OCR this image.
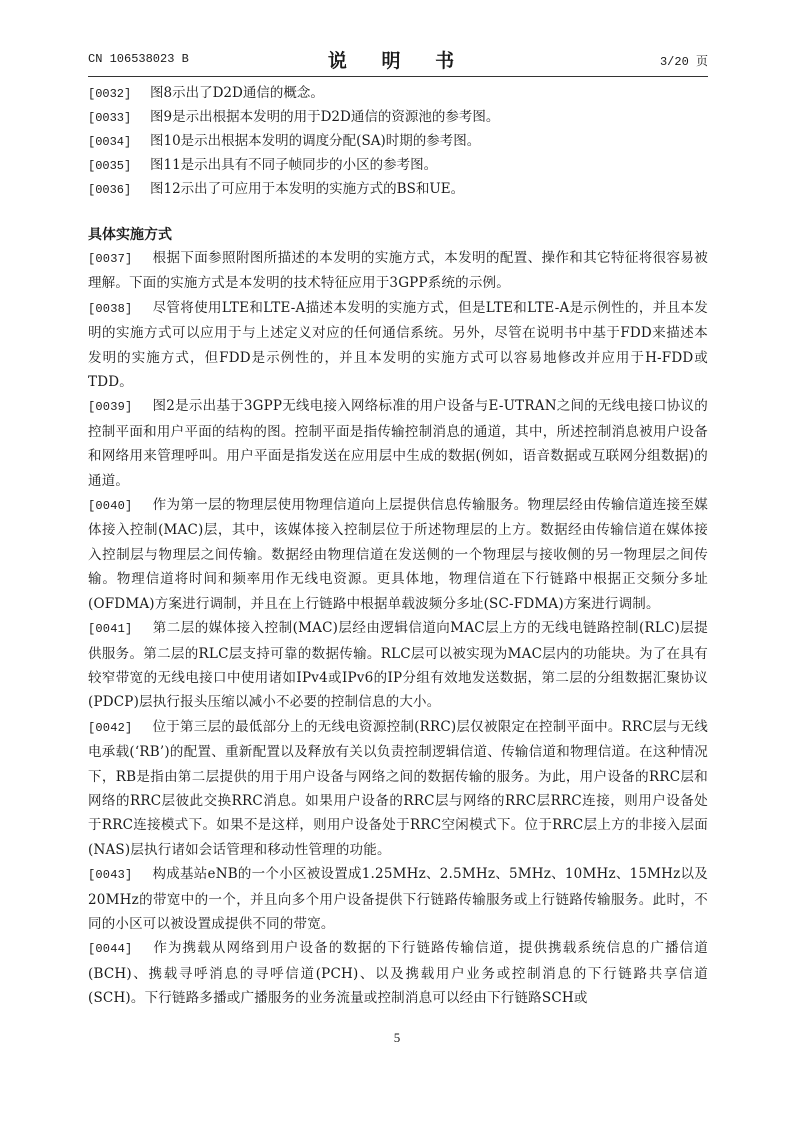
CN 106538023 B	说 明 书	3/20 页
[0032] 图8示出了D2D通信的概念。
[0033] 图9是示出根据本发明的用于D2D通信的资源池的参考图。
[0034] 图10是示出根据本发明的调度分配(SA)时期的参考图。
[0035] 图11是示出具有不同子帧同步的小区的参考图。
[0036] 图12示出了可应用于本发明的实施方式的BS和UE。
具体实施方式
[0037] 根据下面参照附图所描述的本发明的实施方式，本发明的配置、操作和其它特征将很容易被理解。下面的实施方式是本发明的技术特征应用于3GPP系统的示例。
[0038] 尽管将使用LTE和LTE-A描述本发明的实施方式，但是LTE和LTE-A是示例性的，并且本发明的实施方式可以应用于与上述定义对应的任何通信系统。另外，尽管在说明书中基于FDD来描述本发明的实施方式，但FDD是示例性的，并且本发明的实施方式可以容易地修改并应用于H-FDD或TDD。
[0039] 图2是示出基于3GPP无线电接入网络标准的用户设备与E-UTRAN之间的无线电接口协议的控制平面和用户平面的结构的图。控制平面是指传输控制消息的通道，其中，所述控制消息被用户设备和网络用来管理呼叫。用户平面是指发送在应用层中生成的数据(例如，语音数据或互联网分组数据)的通道。
[0040] 作为第一层的物理层使用物理信道向上层提供信息传输服务。物理层经由传输信道连接至媒体接入控制(MAC)层，其中，该媒体接入控制层位于所述物理层的上方。数据经由传输信道在媒体接入控制层与物理层之间传输。数据经由物理信道在发送侧的一个物理层与接收侧的另一物理层之间传输。物理信道将时间和频率用作无线电资源。更具体地，物理信道在下行链路中根据正交频分多址(OFDMA)方案进行调制，并且在上行链路中根据单载波频分多址(SC-FDMA)方案进行调制。
[0041] 第二层的媒体接入控制(MAC)层经由逻辑信道向MAC层上方的无线电链路控制(RLC)层提供服务。第二层的RLC层支持可靠的数据传输。RLC层可以被实现为MAC层内的功能块。为了在具有较窄带宽的无线电接口中使用诸如IPv4或IPv6的IP分组有效地发送数据，第二层的分组数据汇聚协议(PDCP)层执行报头压缩以减小不必要的控制信息的大小。
[0042] 位于第三层的最低部分上的无线电资源控制(RRC)层仅被限定在控制平面中。RRC层与无线电承载(‘RB’)的配置、重新配置以及释放有关以负责控制逻辑信道、传输信道和物理信道。在这种情况下，RB是指由第二层提供的用于用户设备与网络之间的数据传输的服务。为此，用户设备的RRC层和网络的RRC层彼此交换RRC消息。如果用户设备的RRC层与网络的RRC层RRC连接，则用户设备处于RRC连接模式下。如果不是这样，则用户设备处于RRC空闲模式下。位于RRC层上方的非接入层面(NAS)层执行诸如会话管理和移动性管理的功能。
[0043] 构成基站eNB的一个小区被设置成1.25MHz、2.5MHz、5MHz、10MHz、15MHz以及20MHz的带宽中的一个，并且向多个用户设备提供下行链路传输服务或上行链路传输服务。此时，不同的小区可以被设置成提供不同的带宽。
[0044] 作为携载从网络到用户设备的数据的下行链路传输信道，提供携载系统信息的广播信道(BCH)、携载寻呼消息的寻呼信道(PCH)、以及携载用户业务或控制消息的下行链路共享信道(SCH)。下行链路多播或广播服务的业务流量或控制消息可以经由下行链路SCH或
5
